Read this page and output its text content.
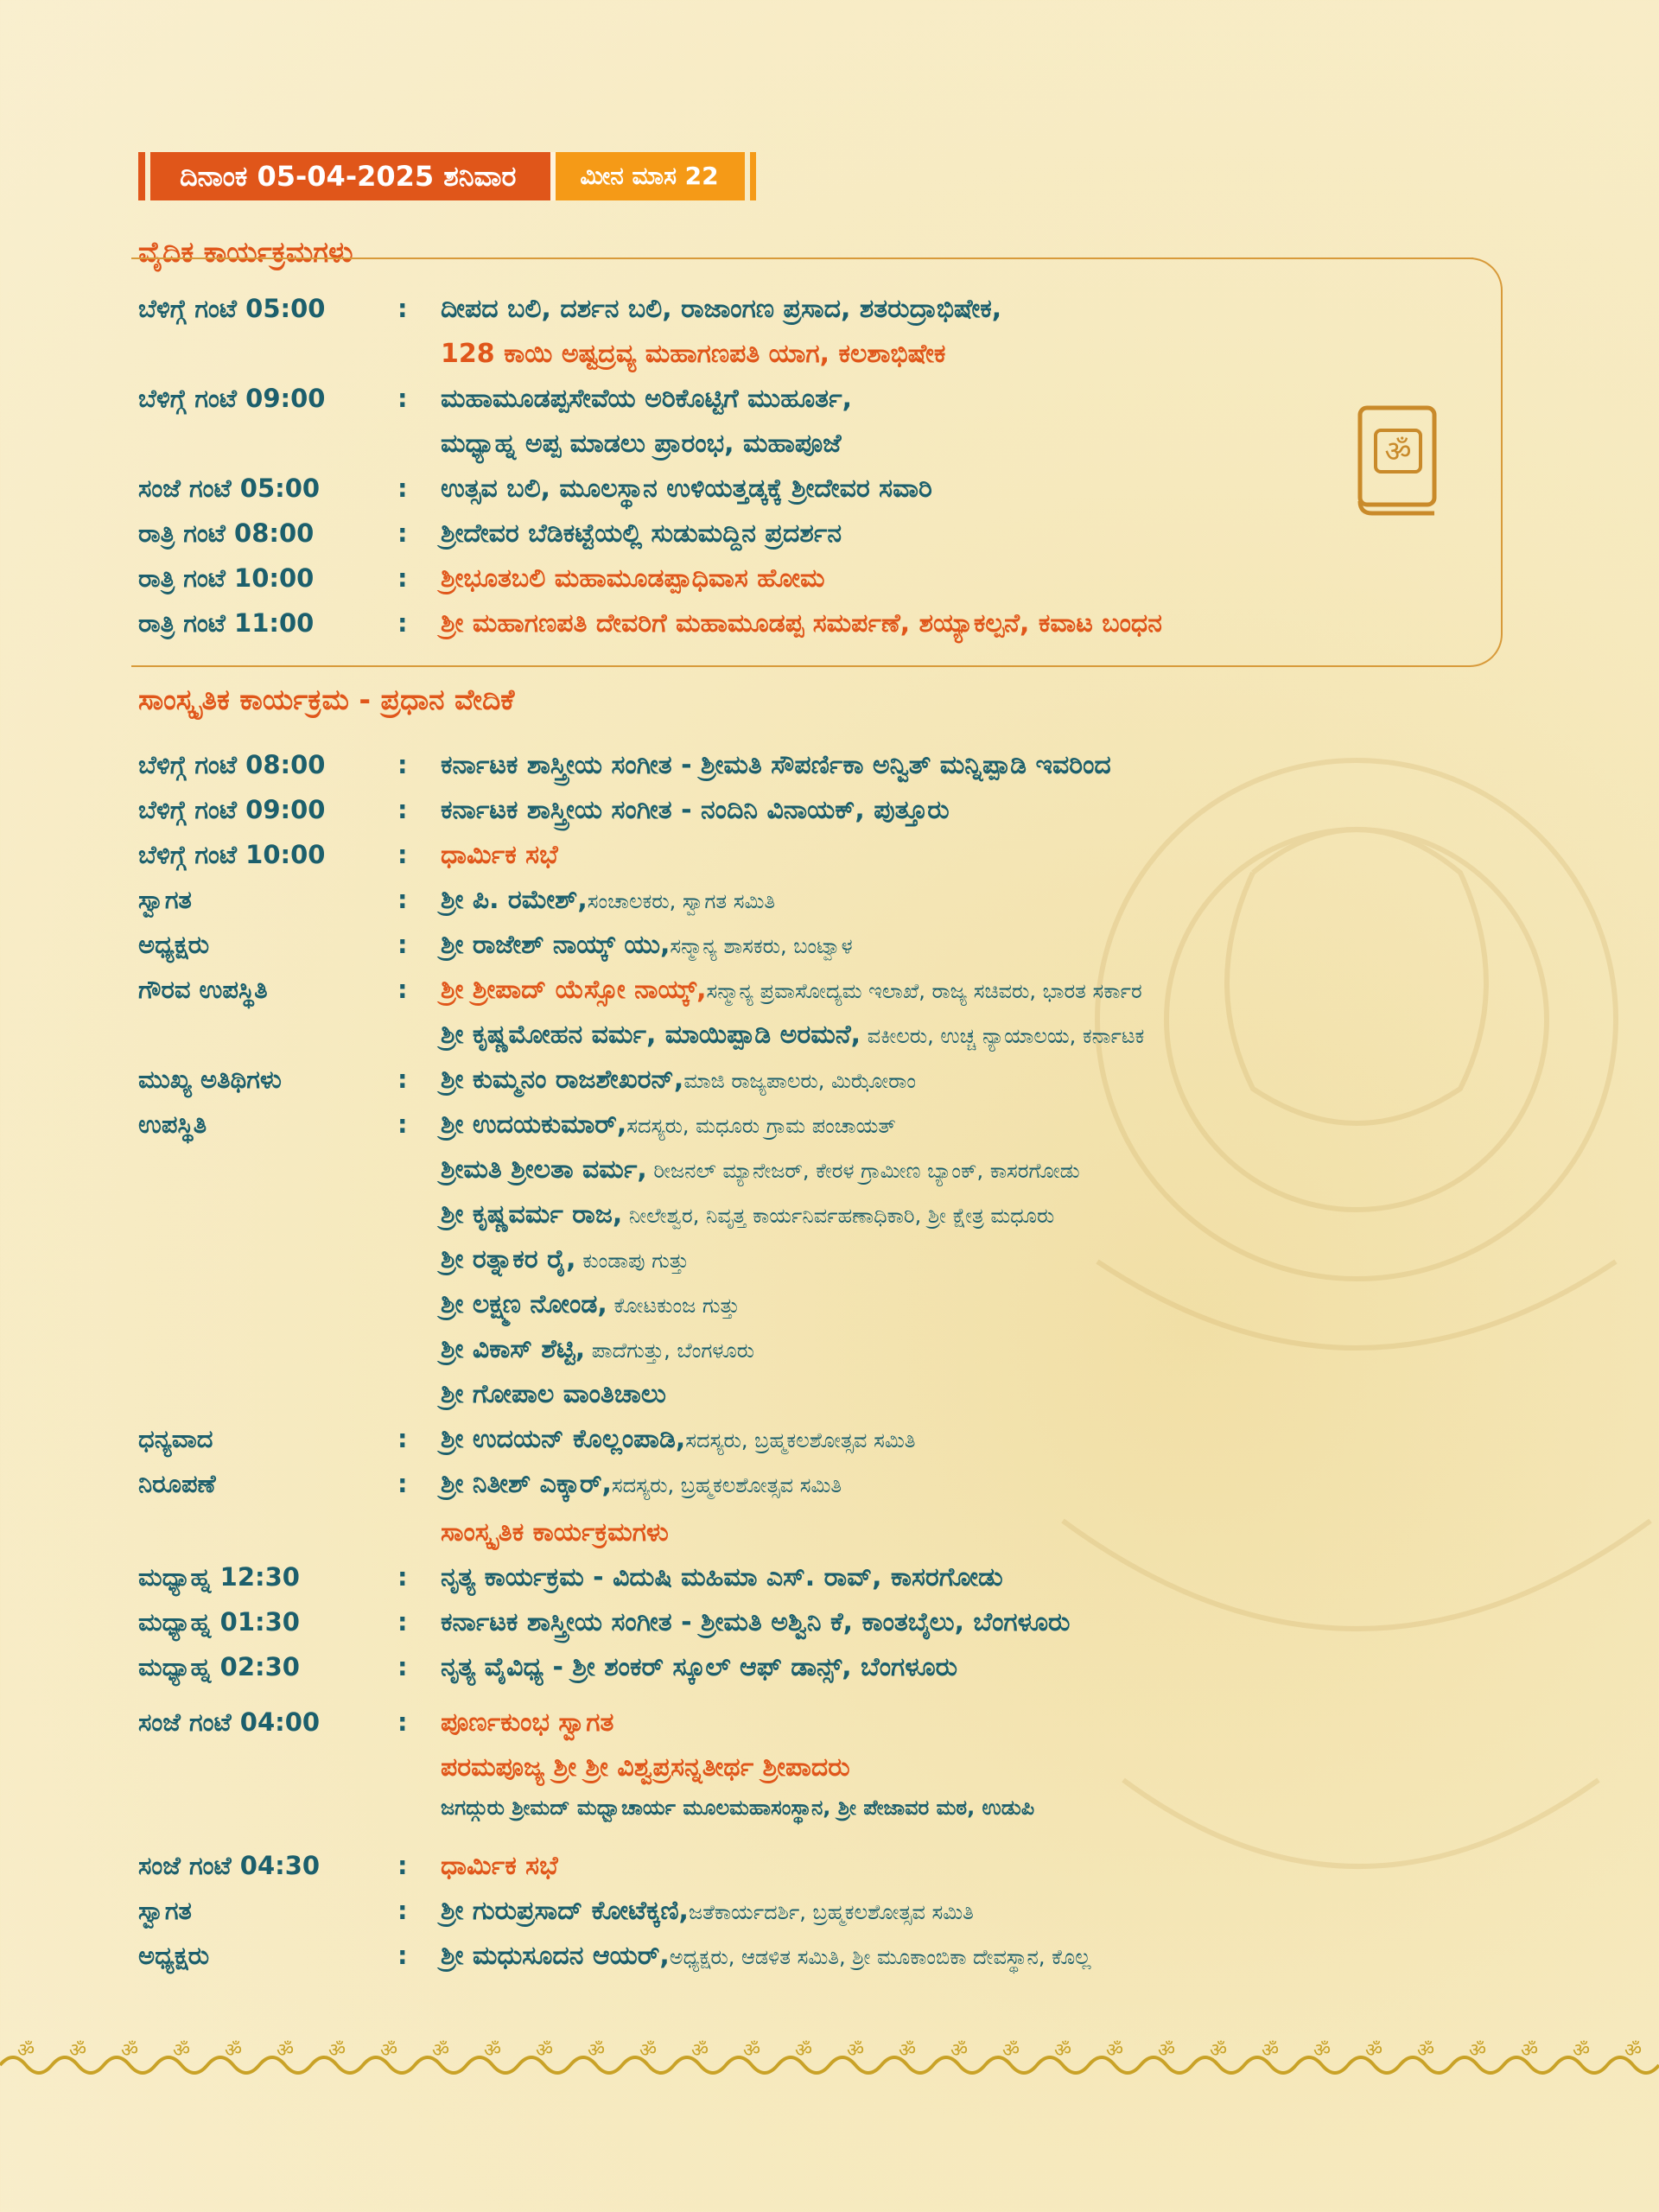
ದಿನಾಂಕ 05-04-2025 ಶನಿವಾರ	ಮೀನ ಮಾಸ 22
ವೈದಿಕ ಕಾರ್ಯಕ್ರಮಗಳು
ಬೆಳಿಗ್ಗೆ ಗಂಟೆ 05:00	:	ದೀಪದ ಬಲಿ, ದರ್ಶನ ಬಲಿ, ರಾಜಾಂಗಣ ಪ್ರಸಾದ, ಶತರುದ್ರಾಭಿಷೇಕ,
128 ಕಾಯಿ ಅಷ್ಟದ್ರವ್ಯ ಮಹಾಗಣಪತಿ ಯಾಗ, ಕಲಶಾಭಿಷೇಕ
ಬೆಳಿಗ್ಗೆ ಗಂಟೆ 09:00	:	ಮಹಾಮೂಡಪ್ಪಸೇವೆಯ ಅರಿಕೊಟ್ಟಿಗೆ ಮುಹೂರ್ತ,
ಮಧ್ಯಾಹ್ನ ಅಪ್ಪ ಮಾಡಲು ಪ್ರಾರಂಭ, ಮಹಾಪೂಜೆ
ಸಂಜೆ ಗಂಟೆ 05:00	:	ಉತ್ಸವ ಬಲಿ, ಮೂಲಸ್ಥಾನ ಉಳಿಯತ್ತಡ್ಕಕ್ಕೆ ಶ್ರೀದೇವರ ಸವಾರಿ
ರಾತ್ರಿ ಗಂಟೆ 08:00	:	ಶ್ರೀದೇವರ ಬೆಡಿಕಟ್ಟೆಯಲ್ಲಿ ಸುಡುಮದ್ದಿನ ಪ್ರದರ್ಶನ
ರಾತ್ರಿ ಗಂಟೆ 10:00	:	ಶ್ರೀಭೂತಬಲಿ ಮಹಾಮೂಡಪ್ಪಾಧಿವಾಸ ಹೋಮ
ರಾತ್ರಿ ಗಂಟೆ 11:00	:	ಶ್ರೀ ಮಹಾಗಣಪತಿ ದೇವರಿಗೆ ಮಹಾಮೂಡಪ್ಪ ಸಮರ್ಪಣೆ, ಶಯ್ಯಾಕಲ್ಪನೆ, ಕವಾಟ ಬಂಧನ
ॐ
ಸಾಂಸ್ಕೃತಿಕ ಕಾರ್ಯಕ್ರಮ - ಪ್ರಧಾನ ವೇದಿಕೆ
ಬೆಳಿಗ್ಗೆ ಗಂಟೆ 08:00	:	ಕರ್ನಾಟಕ ಶಾಸ್ತ್ರೀಯ ಸಂಗೀತ - ಶ್ರೀಮತಿ ಸೌಪರ್ಣಿಕಾ ಅನ್ವಿತ್ ಮನ್ನಿಪ್ಪಾಡಿ ಇವರಿಂದ
ಬೆಳಿಗ್ಗೆ ಗಂಟೆ 09:00	:	ಕರ್ನಾಟಕ ಶಾಸ್ತ್ರೀಯ ಸಂಗೀತ - ನಂದಿನಿ ವಿನಾಯಕ್, ಪುತ್ತೂರು
ಬೆಳಿಗ್ಗೆ ಗಂಟೆ 10:00	:	ಧಾರ್ಮಿಕ ಸಭೆ
ಸ್ವಾಗತ	:	ಶ್ರೀ ಪಿ. ರಮೇಶ್, ಸಂಚಾಲಕರು, ಸ್ವಾಗತ ಸಮಿತಿ
ಅಧ್ಯಕ್ಷರು	:	ಶ್ರೀ ರಾಜೇಶ್ ನಾಯ್ಕ್ ಯು, ಸನ್ಮಾನ್ಯ ಶಾಸಕರು, ಬಂಟ್ವಾಳ
ಗೌರವ ಉಪಸ್ಥಿತಿ	:	ಶ್ರೀ ಶ್ರೀಪಾದ್ ಯೆಸ್ಸೋ ನಾಯ್ಕ್, ಸನ್ಮಾನ್ಯ ಪ್ರವಾಸೋದ್ಯಮ ಇಲಾಖೆ, ರಾಜ್ಯ ಸಚಿವರು, ಭಾರತ ಸರ್ಕಾರ
ಶ್ರೀ ಕೃಷ್ಣಮೋಹನ ವರ್ಮ, ಮಾಯಿಪ್ಪಾಡಿ ಅರಮನೆ, ವಕೀಲರು, ಉಚ್ಚ ನ್ಯಾಯಾಲಯ, ಕರ್ನಾಟಕ
ಮುಖ್ಯ ಅತಿಥಿಗಳು	:	ಶ್ರೀ ಕುಮ್ಮನಂ ರಾಜಶೇಖರನ್, ಮಾಜಿ ರಾಜ್ಯಪಾಲರು, ಮಿಝೋರಾಂ
ಉಪಸ್ಥಿತಿ	:	ಶ್ರೀ ಉದಯಕುಮಾರ್, ಸದಸ್ಯರು, ಮಧೂರು ಗ್ರಾಮ ಪಂಚಾಯತ್
ಶ್ರೀಮತಿ ಶ್ರೀಲತಾ ವರ್ಮ, ರೀಜನಲ್ ಮ್ಯಾನೇಜರ್, ಕೇರಳ ಗ್ರಾಮೀಣ ಬ್ಯಾಂಕ್, ಕಾಸರಗೋಡು
ಶ್ರೀ ಕೃಷ್ಣವರ್ಮ ರಾಜ, ನೀಲೇಶ್ವರ, ನಿವೃತ್ತ ಕಾರ್ಯನಿರ್ವಹಣಾಧಿಕಾರಿ, ಶ್ರೀ ಕ್ಷೇತ್ರ ಮಧೂರು
ಶ್ರೀ ರತ್ನಾಕರ ರೈ, ಕುಂಡಾಪು ಗುತ್ತು
ಶ್ರೀ ಲಕ್ಷ್ಮಣ ನೋಂಡ, ಕೋಟಕುಂಜ ಗುತ್ತು
ಶ್ರೀ ವಿಕಾಸ್ ಶೆಟ್ಟಿ, ಪಾದೆಗುತ್ತು, ಬೆಂಗಳೂರು
ಶ್ರೀ ಗೋಪಾಲ ವಾಂತಿಚಾಲು
ಧನ್ಯವಾದ	:	ಶ್ರೀ ಉದಯನ್ ಕೊಲ್ಲಂಪಾಡಿ, ಸದಸ್ಯರು, ಬ್ರಹ್ಮಕಲಶೋತ್ಸವ ಸಮಿತಿ
ನಿರೂಪಣೆ	:	ಶ್ರೀ ನಿತೀಶ್ ಎಕ್ಕಾರ್, ಸದಸ್ಯರು, ಬ್ರಹ್ಮಕಲಶೋತ್ಸವ ಸಮಿತಿ
ಸಾಂಸ್ಕೃತಿಕ ಕಾರ್ಯಕ್ರಮಗಳು
ಮಧ್ಯಾಹ್ನ 12:30	:	ನೃತ್ಯ ಕಾರ್ಯಕ್ರಮ - ವಿದುಷಿ ಮಹಿಮಾ ಎಸ್. ರಾವ್, ಕಾಸರಗೋಡು
ಮಧ್ಯಾಹ್ನ 01:30	:	ಕರ್ನಾಟಕ ಶಾಸ್ತ್ರೀಯ ಸಂಗೀತ - ಶ್ರೀಮತಿ ಅಶ್ವಿನಿ ಕೆ, ಕಾಂತಬೈಲು, ಬೆಂಗಳೂರು
ಮಧ್ಯಾಹ್ನ 02:30	:	ನೃತ್ಯ ವೈವಿಧ್ಯ - ಶ್ರೀ ಶಂಕರ್ ಸ್ಕೂಲ್ ಆಫ್ ಡಾನ್ಸ್, ಬೆಂಗಳೂರು
ಸಂಜೆ ಗಂಟೆ 04:00	:	ಪೂರ್ಣಕುಂಭ ಸ್ವಾಗತ
ಪರಮಪೂಜ್ಯ ಶ್ರೀ ಶ್ರೀ ವಿಶ್ವಪ್ರಸನ್ನತೀರ್ಥ ಶ್ರೀಪಾದರು
ಜಗದ್ಗುರು ಶ್ರೀಮದ್ ಮಧ್ವಾಚಾರ್ಯ ಮೂಲಮಹಾಸಂಸ್ಥಾನ, ಶ್ರೀ ಪೇಜಾವರ ಮಠ, ಉಡುಪಿ
ಸಂಜೆ ಗಂಟೆ 04:30	:	ಧಾರ್ಮಿಕ ಸಭೆ
ಸ್ವಾಗತ	:	ಶ್ರೀ ಗುರುಪ್ರಸಾದ್ ಕೋಟೆಕ್ಕಣಿ, ಜತೆಕಾರ್ಯದರ್ಶಿ, ಬ್ರಹ್ಮಕಲಶೋತ್ಸವ ಸಮಿತಿ
ಅಧ್ಯಕ್ಷರು	:	ಶ್ರೀ ಮಧುಸೂದನ ಆಯರ್, ಅಧ್ಯಕ್ಷರು, ಆಡಳಿತ ಸಮಿತಿ, ಶ್ರೀ ಮೂಕಾಂಬಿಕಾ ದೇವಸ್ಥಾನ, ಕೊಲ್ಲ
ॐ ॐ ॐ ॐ ॐ ॐ ॐ ॐ ॐ ॐ ॐ ॐ ॐ ॐ ॐ ॐ ॐ ॐ ॐ ॐ ॐ ॐ ॐ ॐ ॐ ॐ ॐ ॐ ॐ ॐ ॐ ॐ
